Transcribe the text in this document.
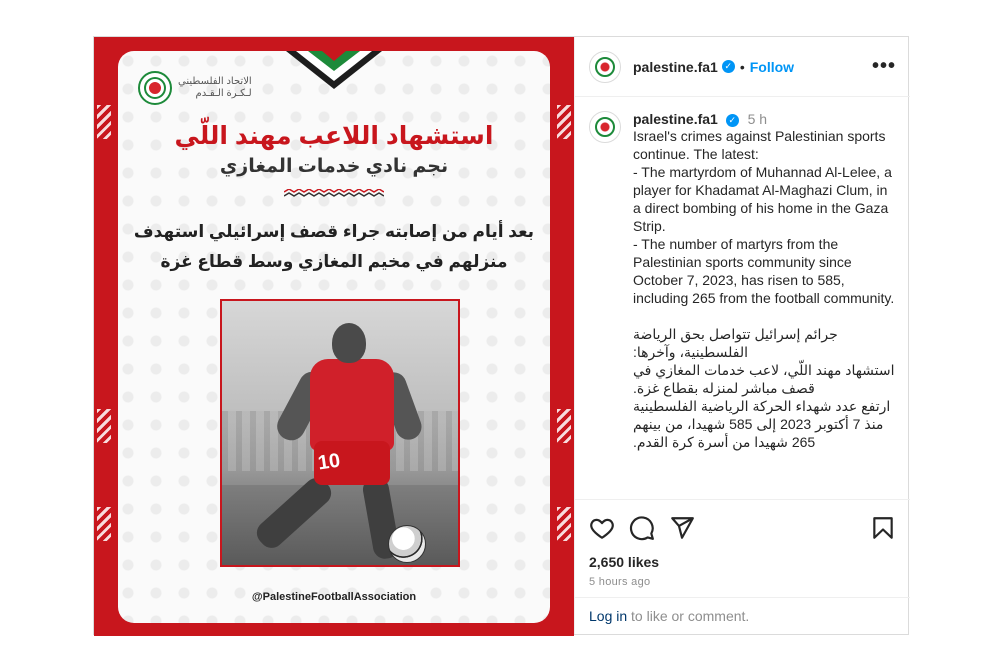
الاتحاد الفلسطيني
لـكـرة الـقـدم
استشهاد اللاعب مهند اللّي
نجم نادي خدمات المغازي
بعد أيام من إصابته جراء قصف إسرائيلي استهدف
منزلهم في مخيم المغازي وسط قطاع غزة
10
@PalestineFootballAssociation
palestine.fa1 ✓ • Follow	•••
palestine.fa1 ✓ 5 h
Israel's crimes against Palestinian sports continue. The latest:
- The martyrdom of Muhannad Al-Lelee, a player for Khadamat Al-Maghazi Clum, in a direct bombing of his home in the Gaza Strip.
- The number of martyrs from the Palestinian sports community since October 7, 2023, has risen to 585, including 265 from the football community.
جرائم إسرائيل تتواصل بحق الرياضة الفلسطينية، وآخرها:
استشهاد مهند اللّي، لاعب خدمات المغازي في قصف مباشر لمنزله بقطاع غزة.
ارتفع عدد شهداء الحركة الرياضية الفلسطينية منذ 7 أكتوبر 2023 إلى 585 شهيدا، من بينهم 265 شهيدا من أسرة كرة القدم.
2,650 likes
5 hours ago
Log in to like or comment.
